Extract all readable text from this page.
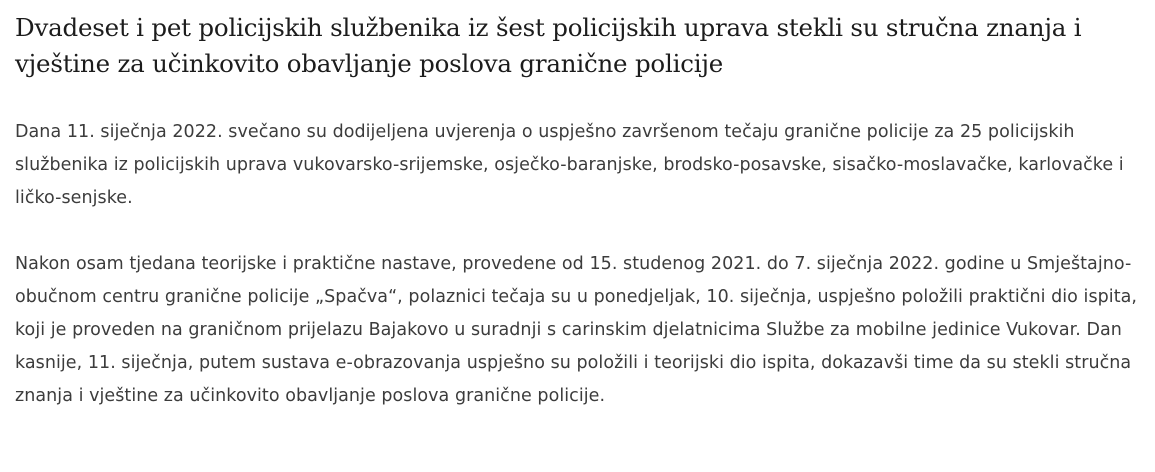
Dvadeset i pet policijskih službenika iz šest policijskih uprava stekli su stručna znanja i vještine za učinkovito obavljanje poslova granične policije

Dana 11. siječnja 2022. svečano su dodijeljena uvjerenja o uspješno završenom tečaju granične policije za 25 policijskih službenika iz policijskih uprava vukovarsko-srijemske, osječko-baranjske, brodsko-posavske, sisačko-moslavačke, karlovačke i ličko-senjske.

Nakon osam tjedana teorijske i praktične nastave, provedene od 15. studenog 2021. do 7. siječnja 2022. godine u Smještajno-obučnom centru granične policije „Spačva“, polaznici tečaja su u ponedjeljak, 10. siječnja, uspješno položili praktični dio ispita, koji je proveden na graničnom prijelazu Bajakovo u suradnji s carinskim djelatnicima Službe za mobilne jedinice Vukovar. Dan kasnije, 11. siječnja, putem sustava e-obrazovanja uspješno su položili i teorijski dio ispita, dokazavši time da su stekli stručna znanja i vještine za učinkovito obavljanje poslova granične policije.
